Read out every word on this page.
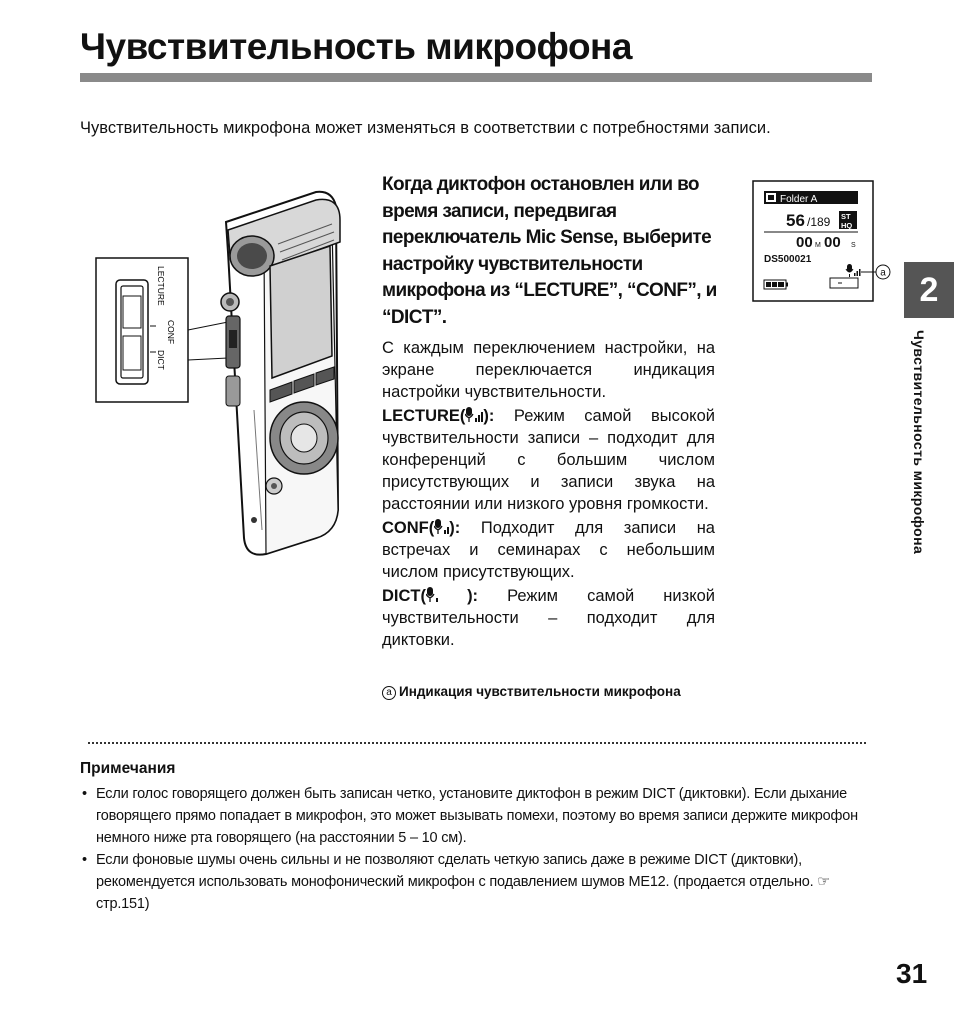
Чувствительность микрофона
Чувствительность микрофона может изменяться в соответствии с потребностями записи.
LECTURE
CONF
DICT
Когда диктофон остановлен или во время записи, передвигая переключатель Mic Sense, выберите настройку чувствительности микрофона из “LECTURE”, “CONF”, и “DICT”.

С каждым переключением настройки, на экране переключается индикация настройки чувствительности.

LECTURE( ): Режим самой высокой чувствительности записи – подходит для конференций с большим числом присутствующих и записи звука на расстоянии или низкого уровня громкости.

CONF( ): Подходит для записи на встречах и семинарах с небольшим числом присутствующих.

DICT( ): Режим самой низкой чувствительности – подходит для диктовки.

a Индикация чувствительности микрофона
Folder A
56 /189 ST
HQ
00 M 00 S
DS500021
a
Примечания
• Если голос говорящего должен быть записан четко, установите диктофон в режим DICT (диктовки). Если дыхание говорящего прямо попадает в микрофон, это может вызывать помехи, поэтому во время записи держите микрофон немного ниже рта говорящего (на расстоянии 5 – 10 см).
• Если фоновые шумы очень сильны и не позволяют сделать четкую запись даже в режиме DICT (диктовки), рекомендуется использовать монофонический микрофон с подавлением шумов ME12. (продается отдельно. ☞стр.151)
2
Чувствительность микрофона
31
